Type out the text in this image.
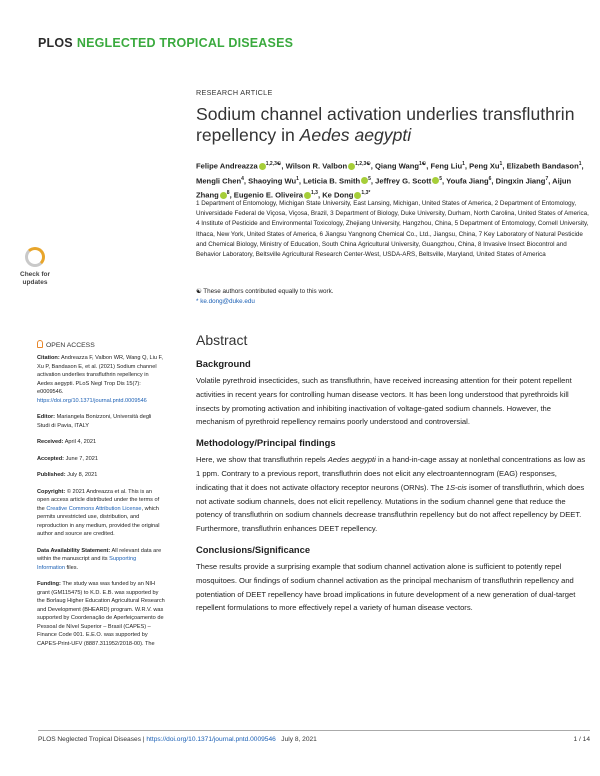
PLOS NEGLECTED TROPICAL DISEASES
RESEARCH ARTICLE
Sodium channel activation underlies transfluthrin repellency in Aedes aegypti
Felipe Andreazza $^{1,2,3☯}$, Wilson R. Valbon $^{1,2,3☯}$, Qiang Wang$^{1☯}$, Feng Liu$^1$, Peng Xu$^1$, Elizabeth Bandason$^1$, Mengli Chen$^4$, Shaoying Wu$^1$, Leticia B. Smith $^5$, Jeffrey G. Scott $^5$, Youfa Jiang$^6$, Dingxin Jiang$^7$, Aijun Zhang $^8$, Eugenio E. Oliveira $^{1,3}$, Ke Dong $^{1,3*}$
1 Department of Entomology, Michigan State University, East Lansing, Michigan, United States of America, 2 Department of Entomology, Universidade Federal de Viçosa, Viçosa, Brazil, 3 Department of Biology, Duke University, Durham, North Carolina, United States of America, 4 Institute of Pesticide and Environmental Toxicology, Zhejiang University, Hangzhou, China, 5 Department of Entomology, Cornell University, Ithaca, New York, United States of America, 6 Jiangsu Yangnong Chemical Co., Ltd., Jiangsu, China, 7 Key Laboratory of Natural Pesticide and Chemical Biology, Ministry of Education, South China Agricultural University, Guangzhou, China, 8 Invasive Insect Biocontrol and Behavior Laboratory, Beltsville Agricultural Research Center-West, USDA-ARS, Beltsville, Maryland, United States of America
☯ These authors contributed equally to this work.
* ke.dong@duke.edu
Check for updates
OPEN ACCESS

Citation: Andreazza F, Valbon WR, Wang Q, Liu F, Xu P, Bandason E, et al. (2021) Sodium channel activation underlies transfluthrin repellency in Aedes aegypti. PLoS Negl Trop Dis 15(7): e0009546. https://doi.org/10.1371/journal.pntd.0009546

Editor: Mariangela Bonizzoni, Università degli Studi di Pavia, ITALY

Received: April 4, 2021

Accepted: June 7, 2021

Published: July 8, 2021

Copyright: © 2021 Andreazza et al. This is an open access article distributed under the terms of the Creative Commons Attribution License, which permits unrestricted use, distribution, and reproduction in any medium, provided the original author and source are credited.

Data Availability Statement: All relevant data are within the manuscript and its Supporting Information files.

Funding: The study was was funded by an NIH grant (GM115475) to K.D. E.B. was supported by the Borlaug Higher Education Agricultural Research and Development (BHEARD) program. W.R.V. was supported by Coordenação de Aperfeiçoamento de Pessoal de Nível Superior – Brasil (CAPES) – Finance Code 001. E.E.O. was supported by CAPES-Print-UFV (8887.311952/2018-00). The

Abstract
Background

Volatile pyrethroid insecticides, such as transfluthrin, have received increasing attention for their potent repellent activities in recent years for controlling human disease vectors. It has been long understood that pyrethroids kill insects by promoting activation and inhibiting inactivation of voltage-gated sodium channels. However, the mechanism of pyrethroid repellency remains poorly understood and controversial.

Methodology/Principal findings

Here, we show that transfluthrin repels Aedes aegypti in a hand-in-cage assay at nonlethal concentrations as low as 1 ppm. Contrary to a previous report, transfluthrin does not elicit any electroantennogram (EAG) responses, indicating that it does not activate olfactory receptor neurons (ORNs). The 1S-cis isomer of transfluthrin, which does not activate sodium channels, does not elicit repellency. Mutations in the sodium channel gene that reduce the potency of transfluthrin on sodium channels decrease transfluthrin repellency but do not affect repellency by DEET. Furthermore, transfluthrin enhances DEET repellency.

Conclusions/Significance

These results provide a surprising example that sodium channel activation alone is sufficient to potently repel mosquitoes. Our findings of sodium channel activation as the principal mechanism of transfluthrin repellency and potentiation of DEET repellency have broad implications in future development of a new generation of dual-target repellent formulations to more effectively repel a variety of human disease vectors.

PLOS Neglected Tropical Diseases | https://doi.org/10.1371/journal.pntd.0009546 July 8, 2021	1 / 14
